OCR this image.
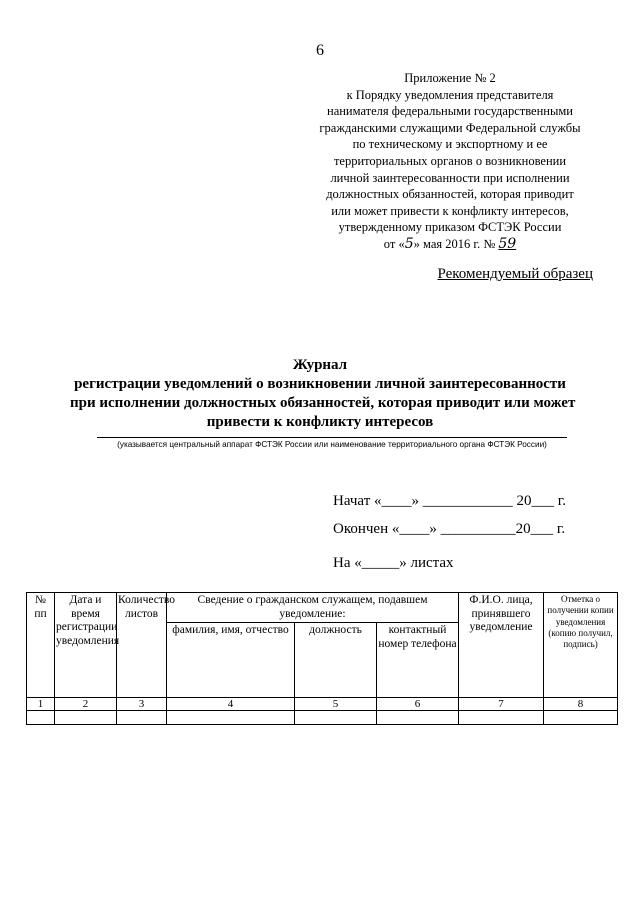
6
Приложение № 2
к Порядку уведомления представителя
нанимателя федеральными государственными
гражданскими служащими Федеральной службы
по техническому и экспортному и ее
территориальных органов о возникновении
личной заинтересованности при исполнении
должностных обязанностей, которая приводит
или может привести к конфликту интересов,
утвержденному приказом ФСТЭК России
от «5» мая 2016 г. № 59
Рекомендуемый образец
Журнал
регистрации уведомлений о возникновении личной заинтересованности
при исполнении должностных обязанностей, которая приводит или может
привести к конфликту интересов
(указывается центральный аппарат ФСТЭК России или наименование территориального органа ФСТЭК России)
Начат «____» ____________ 20___ г.
Окончен «____» __________20___ г.
На «_____» листах
№ пп	Дата и время регистрации уведомления	Количество листов	Сведение о гражданском служащем, подавшем уведомление:			Ф.И.О. лица, принявшего уведомление	Отметка о получении копии уведомления (копию получил, подпись)
			фамилия, имя, отчество	должность	контактный номер телефона		
1	2	3	4	5	6	7	8
